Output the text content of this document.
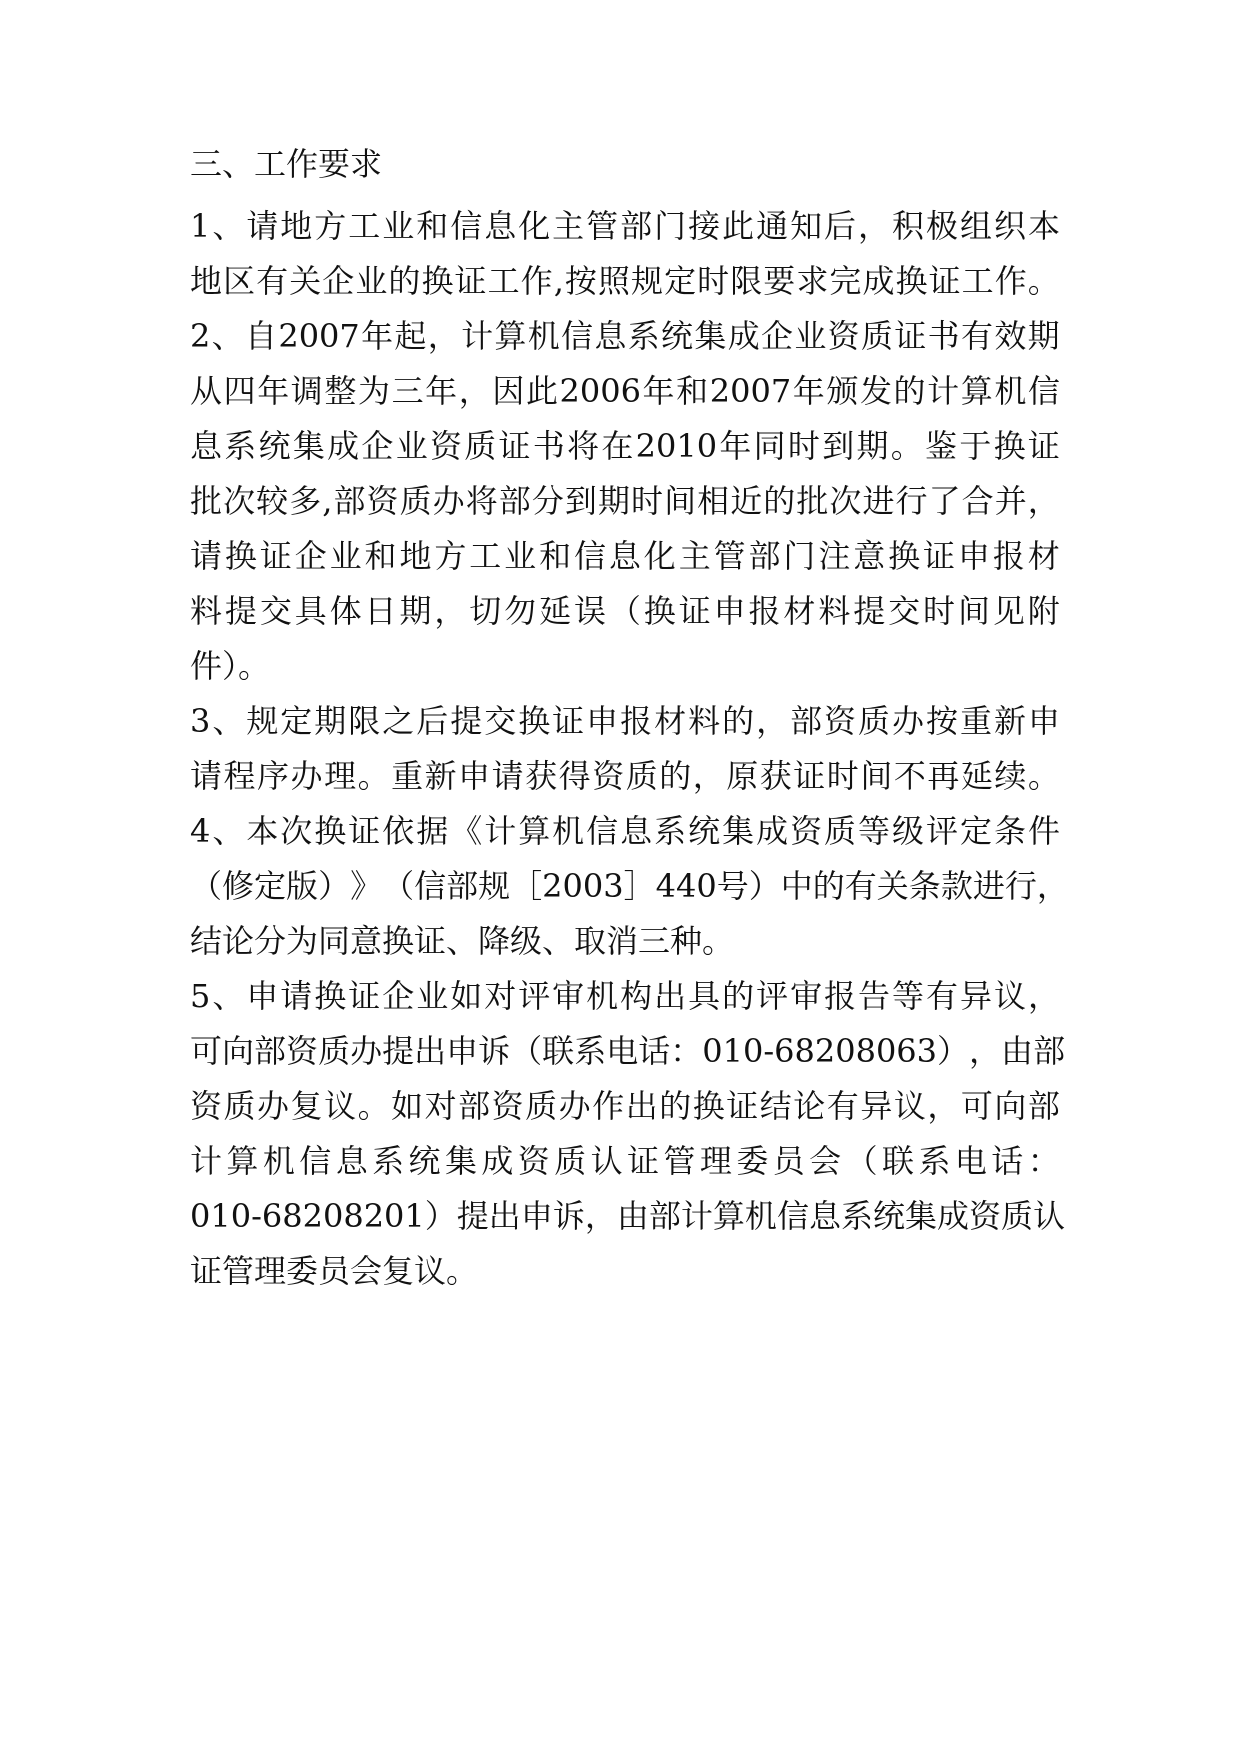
三、工作要求
1 、 请 地 方 工 业 和 信 息 化 主 管 部 门 接 此 通 知 后 ， 积 极 组 织 本
地 区 有 关 企 业 的 换 证 工 作 , 按 照 规 定 时 限 要 求 完 成 换 证 工 作 。
2 、 自 2007 年 起 ， 计 算 机 信 息 系 统 集 成 企 业 资 质 证 书 有 效 期
从 四 年 调 整 为 三 年 ， 因 此 2006 年 和 2007 年 颁 发 的 计 算 机 信
息 系 统 集 成 企 业 资 质 证 书 将 在 2010 年 同 时 到 期 。 鉴 于 换 证
批 次 较 多 , 部 资 质 办 将 部 分 到 期 时 间 相 近 的 批 次 进 行 了 合 并 ，
请 换 证 企 业 和 地 方 工 业 和 信 息 化 主 管 部 门 注 意 换 证 申 报 材
料 提 交 具 体 日 期 ， 切 勿 延 误 （ 换 证 申 报 材 料 提 交 时 间 见 附
件）。
3 、 规 定 期 限 之 后 提 交 换 证 申 报 材 料 的 ， 部 资 质 办 按 重 新 申
请 程 序 办 理 。 重 新 申 请 获 得 资 质 的 ， 原 获 证 时 间 不 再 延 续 。
4 、 本 次 换 证 依 据 《 计 算 机 信 息 系 统 集 成 资 质 等 级 评 定 条 件
（ 修 定 版 ） 》 （ 信 部 规 ［ 2003 ］ 440 号 ） 中 的 有 关 条 款 进 行 ，
结论分为同意换证、降级、取消三种。
5 、 申 请 换 证 企 业 如 对 评 审 机 构 出 具 的 评 审 报 告 等 有 异 议 ，
可 向 部 资 质 办 提 出 申 诉 （ 联 系 电 话 ： 010-68208063 ） ， 由 部
资 质 办 复 议 。 如 对 部 资 质 办 作 出 的 换 证 结 论 有 异 议 ， 可 向 部
计 算 机 信 息 系 统 集 成 资 质 认 证 管 理 委 员 会 （ 联 系 电 话 ：
010-68208201 ） 提 出 申 诉 ， 由 部 计 算 机 信 息 系 统 集 成 资 质 认
证管理委员会复议。
